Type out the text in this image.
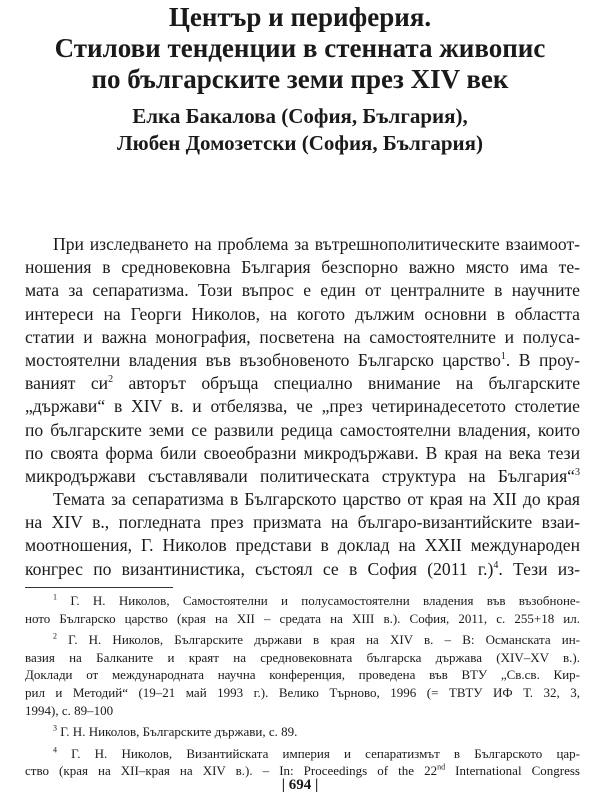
Център и периферия.
Стилови тенденции в стенната живопис
по българските земи през XIV век
Елка Бакалова (София, България),
Любен Домозетски (София, България)
При изследването на проблема за вътрешнополитическите взаимоот-
ношения в средновековна България безспорно важно място има те-
мата за сепаратизма. Този въпрос е един от централните в научните
интереси на Георги Николов, на когото дължим основни в областта
статии и важна монография, посветена на самостоятелните и полуса-
мостоятелни владения във възобновеното Българско царство$^1$. В проу-
ваният $си^2$ авторът обръща специално внимание на българските
„държави“ в XIV в. и отбелязва, че „през четиринадесетото столетие
по българските земи се развили редица самостоятелни владения, които
по своята форма били своеобразни микродържави. В края на века тези
микродържави съставлявали политическата структура на България“$^3$
Темата за сепаратизма в Българското царство от края на XII до края
на XIV в., погледната през призмата на българо-византийските взаи-
моотношения, Г. Николов представи в доклад на XXII международен
конгрес по византинистика, състоял се в София (2011 г.)$^4$. Тези из-
$^1$ Г. Н. Николов, Самостоятелни и полусамостоятелни владения във възобноне-
ното Българско царство (края на XII – средата на XIII в.). София, 2011, с. 255+18 ил.
$^2$ Г. Н. Николов, Българските държави в края на XIV в. – В: Османската ин-
вазия на Балканите и краят на средновековната българска държава (XIV–XV в.).
Доклади от международната научна конференция, проведена във ВТУ „Св.св. Кир-
рил и Методий“ (19–21 май 1993 г.). Велико Търново, 1996 (= ТВТУ ИФ Т. 32, 3,
1994), с. 89–100
$^3$ Г. Н. Николов, Българските държави, с. 89.
$^4$ Г. Н. Николов, Византийската империя и сепаратизмът в Българското цар-
ство (края на XII–края на XIV в.). – In: Proceedings of the 22nd International Congress
| 694 |
